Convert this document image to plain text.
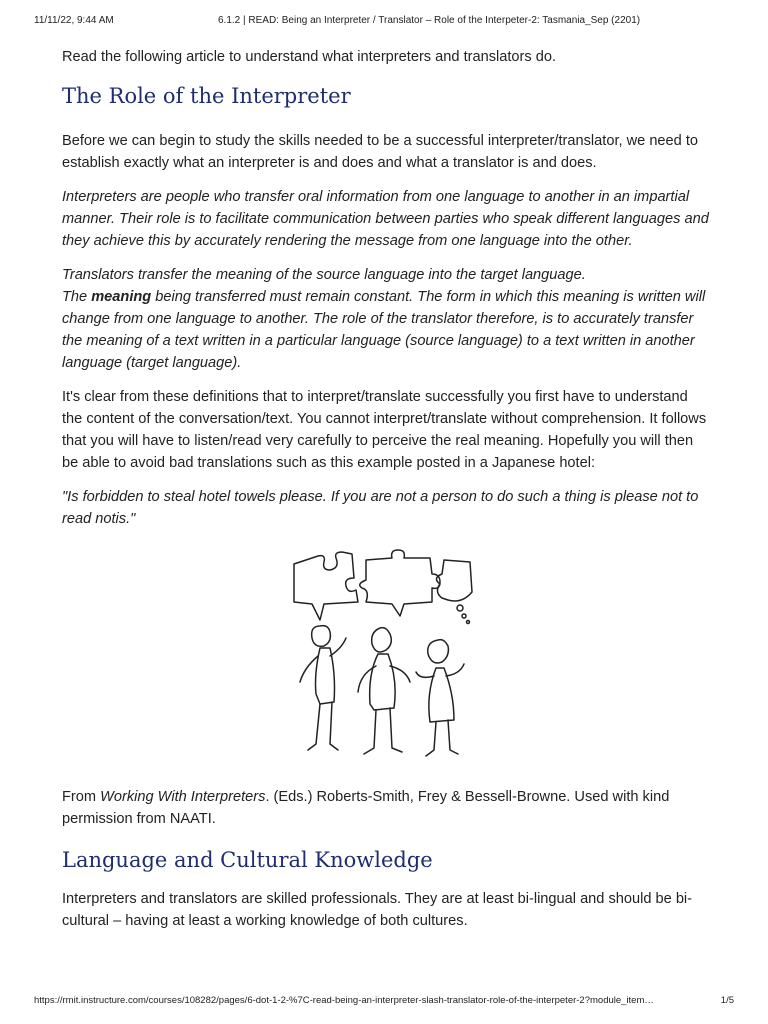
11/11/22, 9:44 AM	6.1.2 | READ: Being an Interpreter / Translator – Role of the Interpeter-2: Tasmania_Sep (2201)

Read the following article to understand what interpreters and translators do.

The Role of the Interpreter

Before we can begin to study the skills needed to be a successful interpreter/translator, we need to establish exactly what an interpreter is and does and what a translator is and does.

Interpreters are people who transfer oral information from one language to another in an impartial manner. Their role is to facilitate communication between parties who speak different languages and they achieve this by accurately rendering the message from one language into the other.

Translators transfer the meaning of the source language into the target language.
The meaning being transferred must remain constant. The form in which this meaning is written will change from one language to another. The role of the translator therefore, is to accurately transfer the meaning of a text written in a particular language (source language) to a text written in another language (target language).

It's clear from these definitions that to interpret/translate successfully you first have to understand the content of the conversation/text. You cannot interpret/translate without comprehension. It follows that you will have to listen/read very carefully to perceive the real meaning. Hopefully you will then be able to avoid bad translations such as this example posted in a Japanese hotel:

"Is forbidden to steal hotel towels please. If you are not a person to do such a thing is please not to read notis."

From Working With Interpreters. (Eds.) Roberts-Smith, Frey & Bessell-Browne. Used with kind permission from NAATI.

Language and Cultural Knowledge

Interpreters and translators are skilled professionals. They are at least bi-lingual and should be bi-cultural – having at least a working knowledge of both cultures.

https://rmit.instructure.com/courses/108282/pages/6-dot-1-2-%7C-read-being-an-interpreter-slash-translator-role-of-the-interpeter-2?module_item…	1/5
